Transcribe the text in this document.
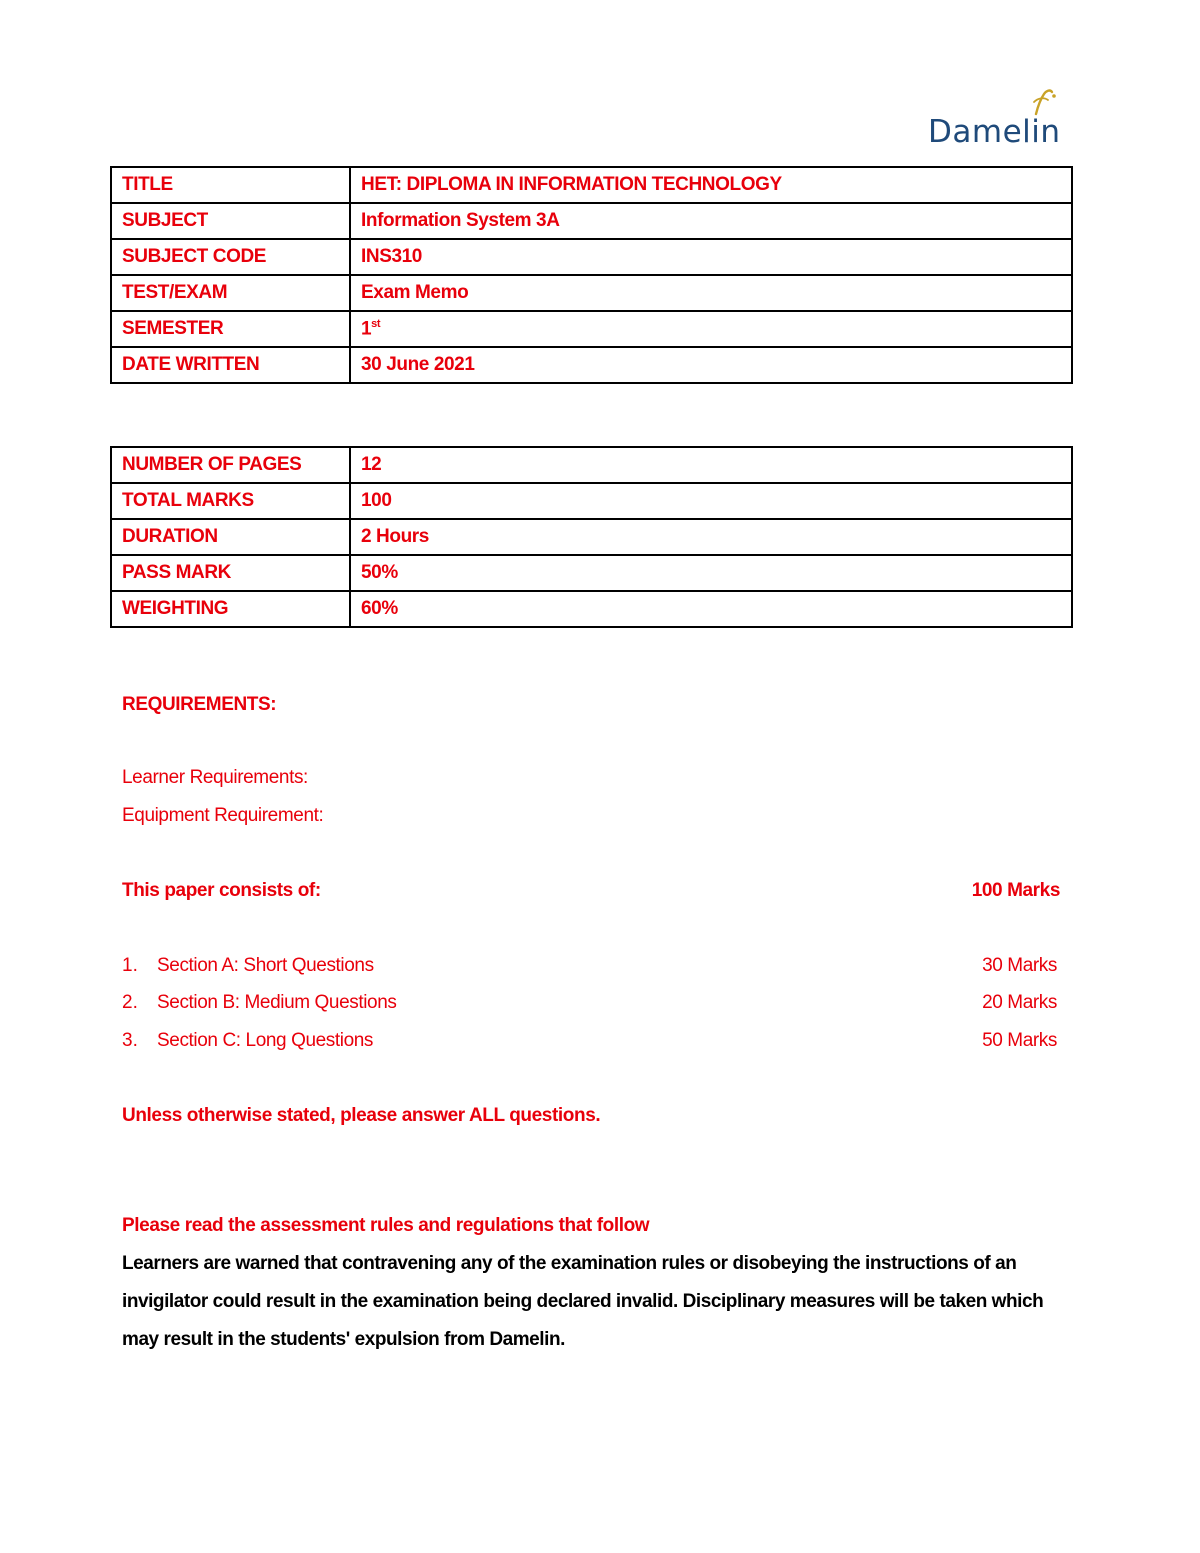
Damelin
TITLE	HET: DIPLOMA IN INFORMATION TECHNOLOGY
SUBJECT	Information System 3A
SUBJECT CODE	INS310
TEST/EXAM	Exam Memo
SEMESTER	1st
DATE WRITTEN	30 June 2021
NUMBER OF PAGES	12
TOTAL MARKS	100
DURATION	2 Hours
PASS MARK	50%
WEIGHTING	60%
REQUIREMENTS:
Learner Requirements:
Equipment Requirement:
This paper consists of:	100 Marks
1. Section A: Short Questions	30 Marks
2. Section B: Medium Questions	20 Marks
3. Section C: Long Questions	50 Marks
Unless otherwise stated, please answer ALL questions.
Please read the assessment rules and regulations that follow
Learners are warned that contravening any of the examination rules or disobeying the instructions of an invigilator could result in the examination being declared invalid. Disciplinary measures will be taken which may result in the students' expulsion from Damelin.
